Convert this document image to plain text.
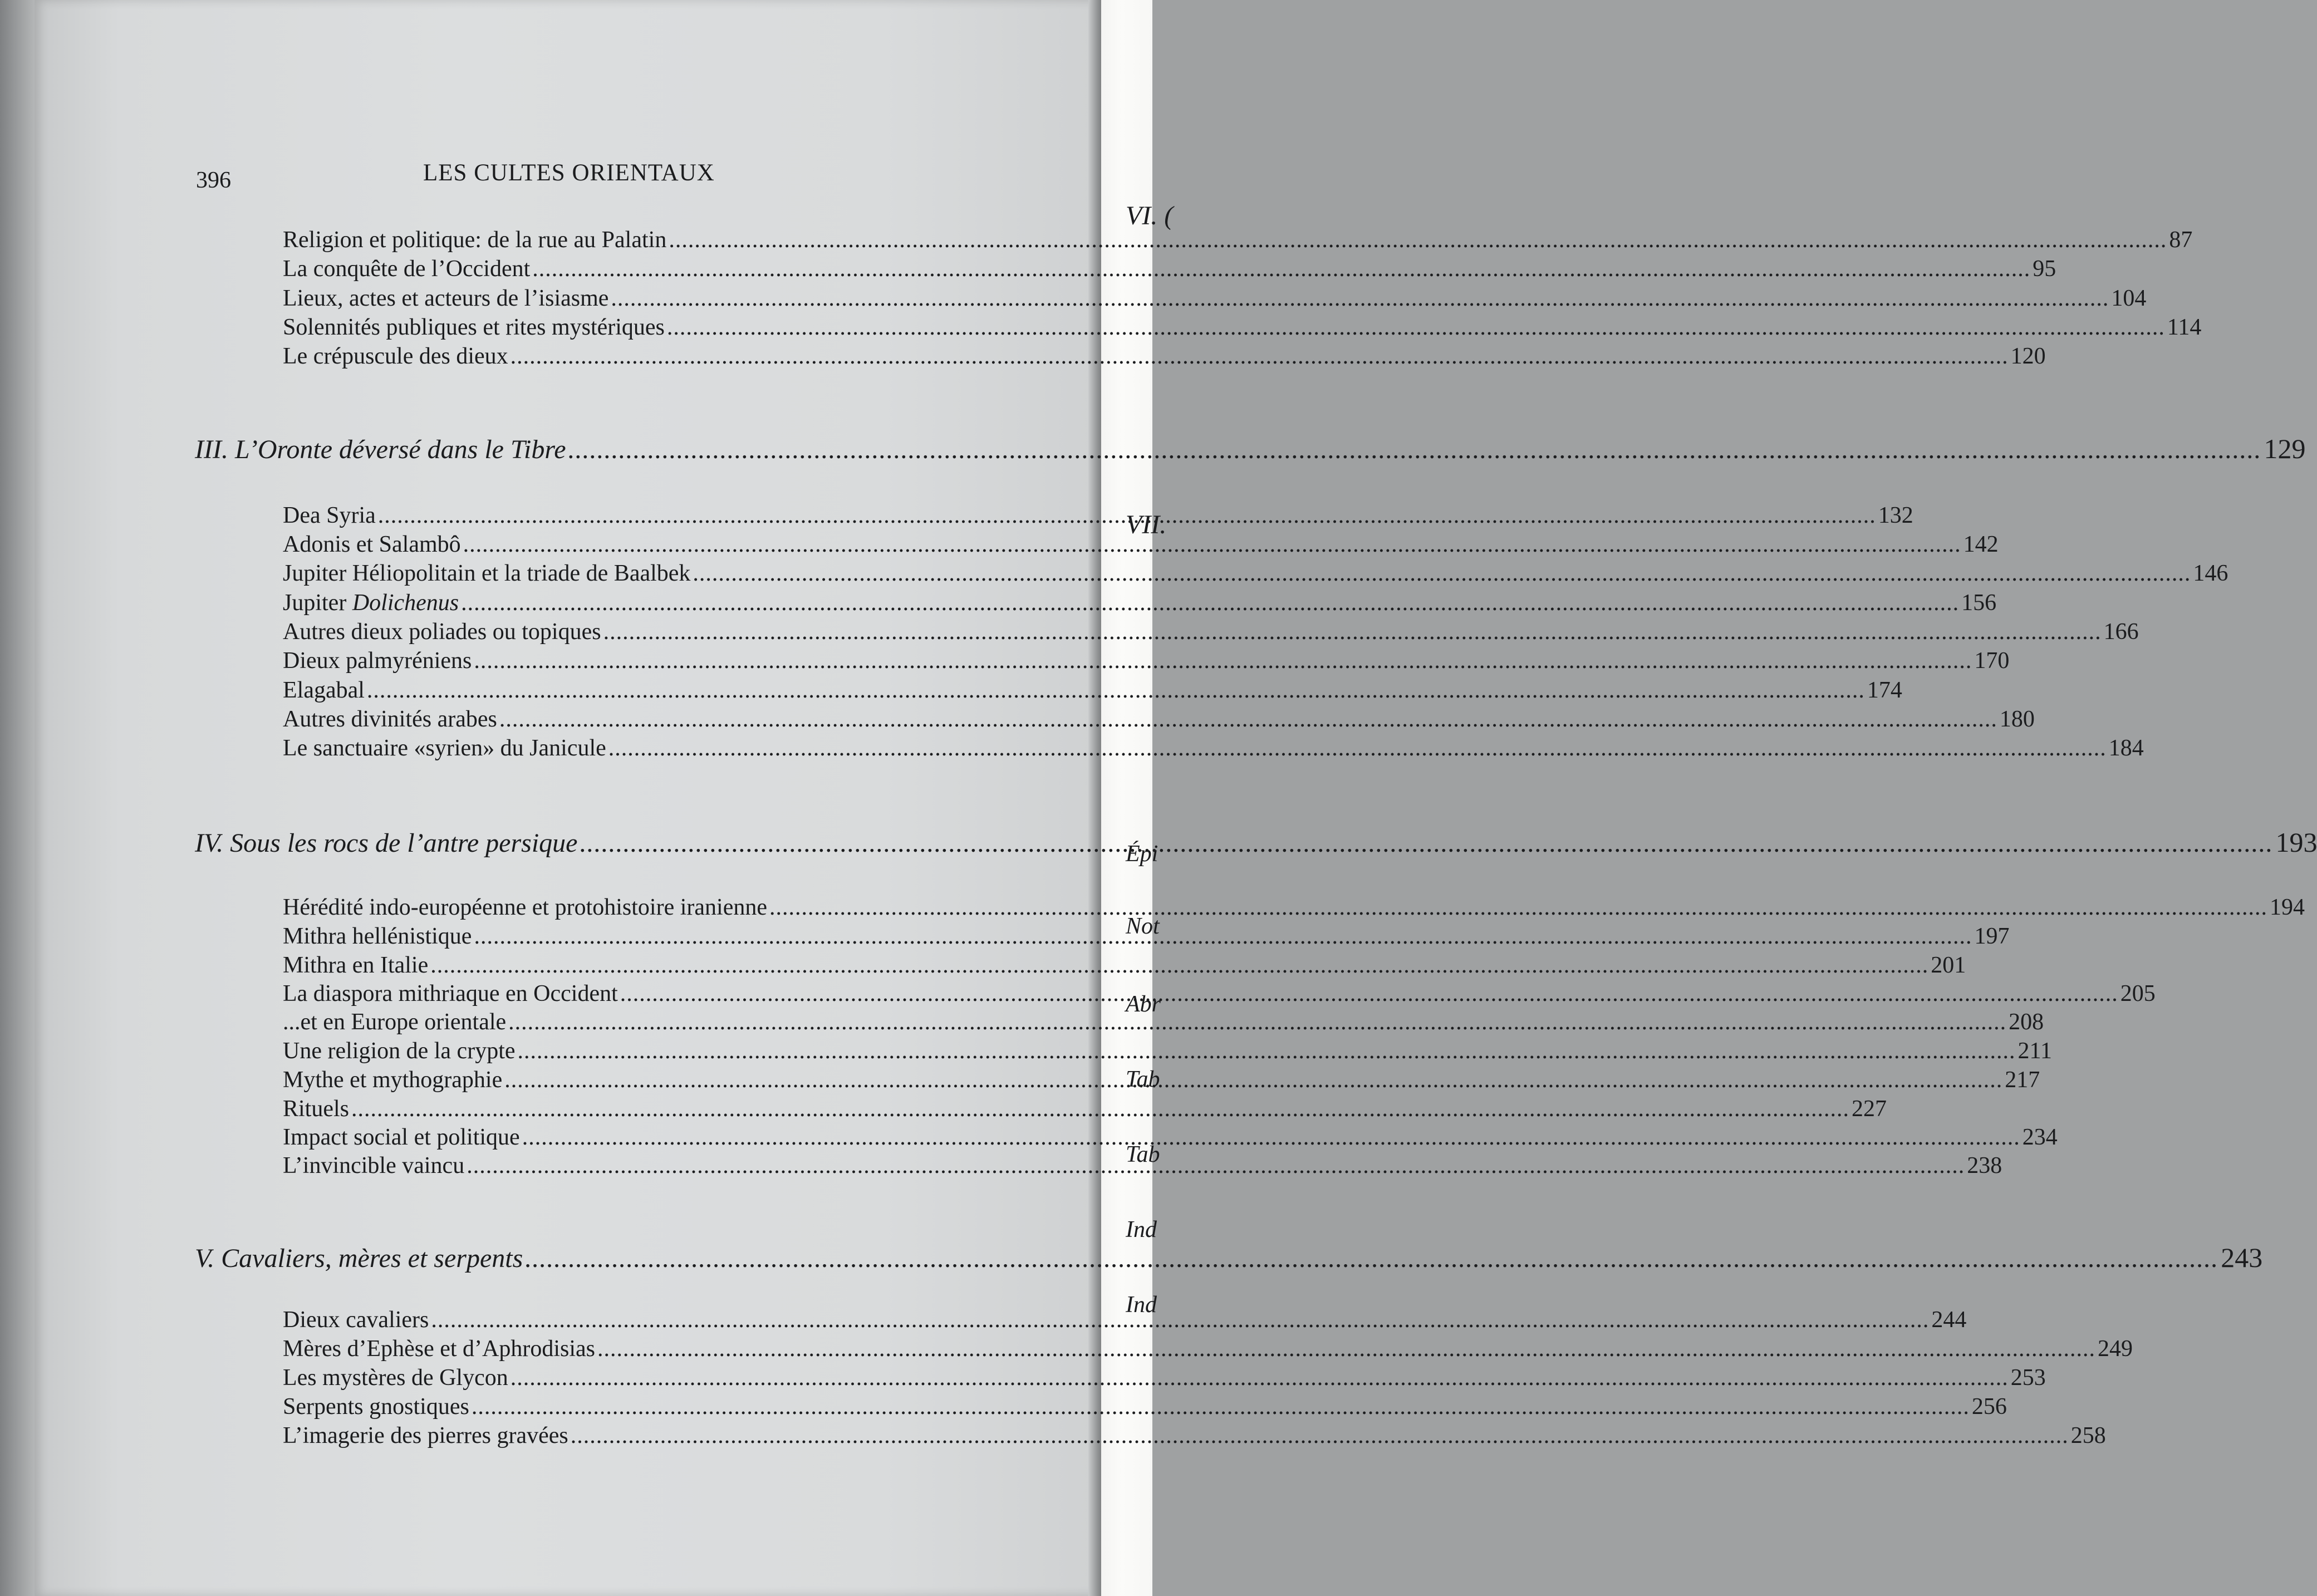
396	LES CULTES ORIENTAUX
Religion et politique: de la rue au Palatin .....	87
La conquête de l’Occident .....	95
Lieux, actes et acteurs de l’isiasme .....	104
Solennités publiques et rites mystériques .....	114
Le crépuscule des dieux .....	120
III. L’Oronte déversé dans le Tibre .....	129
Dea Syria .....	132
Adonis et Salambô .....	142
Jupiter Héliopolitain et la triade de Baalbek .....	146
Jupiter Dolichenus .....	156
Autres dieux poliades ou topiques .....	166
Dieux palmyréniens .....	170
Elagabal .....	174
Autres divinités arabes .....	180
Le sanctuaire «syrien» du Janicule .....	184
IV. Sous les rocs de l’antre persique .....	193
Hérédité indo-européenne et protohistoire iranienne .....	194
Mithra hellénistique .....	197
Mithra en Italie .....	201
La diaspora mithriaque en Occident .....	205
...et en Europe orientale .....	208
Une religion de la crypte .....	211
Mythe et mythographie .....	217
Rituels .....	227
Impact social et politique .....	234
L’invincible vaincu .....	238
V. Cavaliers, mères et serpents .....	243
Dieux cavaliers .....	244
Mères d’Ephèse et d’Aphrodisias .....	249
Les mystères de Glycon .....	253
Serpents gnostiques .....	256
L’imagerie des pierres gravées .....	258
VI. (
VII.
Épi
Not
Abr
Tab
Tab
Ind
Ind
